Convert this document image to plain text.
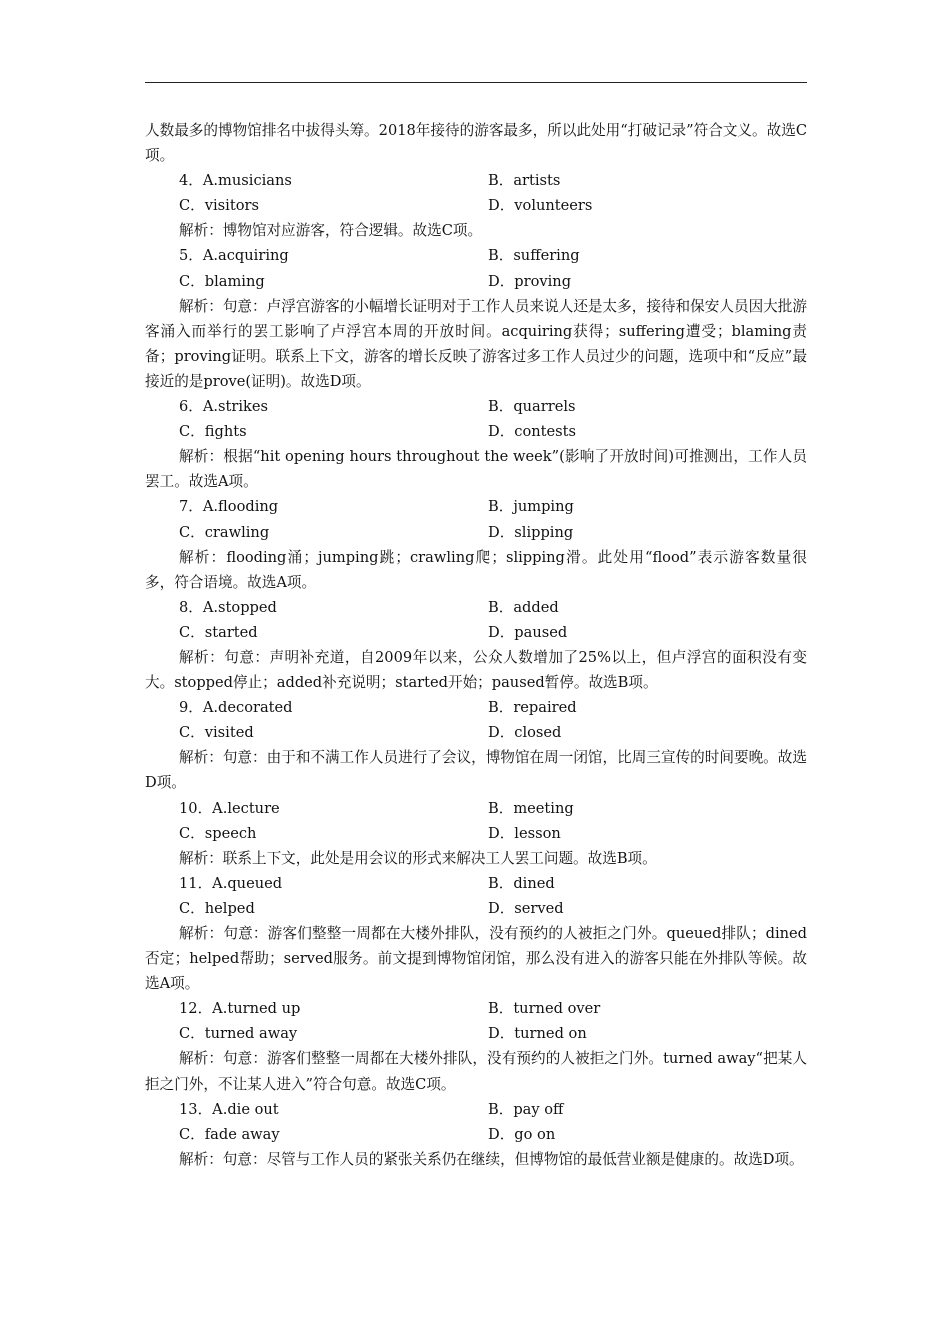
人数最多的博物馆排名中拔得头筹。2018年接待的游客最多，所以此处用“打破记录”符合文义。故选C项。

4．A.musicians	B．artists
C．visitors	D．volunteers

解析：博物馆对应游客，符合逻辑。故选C项。

5．A.acquiring	B．suffering
C．blaming	D．proving

解析：句意：卢浮宫游客的小幅增长证明对于工作人员来说人还是太多，接待和保安人员因大批游客涌入而举行的罢工影响了卢浮宫本周的开放时间。acquiring获得；suffering遭受；blaming责备；proving证明。联系上下文，游客的增长反映了游客过多工作人员过少的问题，选项中和“反应”最接近的是prove(证明)。故选D项。

6．A.strikes	B．quarrels
C．fights	D．contests

解析：根据“hit opening hours throughout the week”(影响了开放时间)可推测出，工作人员罢工。故选A项。

7．A.flooding	B．jumping
C．crawling	D．slipping

解析：flooding涌；jumping跳；crawling爬；slipping滑。此处用“flood”表示游客数量很多，符合语境。故选A项。

8．A.stopped	B．added
C．started	D．paused

解析：句意：声明补充道，自2009年以来，公众人数增加了25%以上，但卢浮宫的面积没有变大。stopped停止；added补充说明；started开始；paused暂停。故选B项。

9．A.decorated	B．repaired
C．visited	D．closed

解析：句意：由于和不满工作人员进行了会议，博物馆在周一闭馆，比周三宣传的时间要晚。故选D项。

10．A.lecture	B．meeting
C．speech	D．lesson

解析：联系上下文，此处是用会议的形式来解决工人罢工问题。故选B项。

11．A.queued	B．dined
C．helped	D．served

解析：句意：游客们整整一周都在大楼外排队，没有预约的人被拒之门外。queued排队；dined否定；helped帮助；served服务。前文提到博物馆闭馆，那么没有进入的游客只能在外排队等候。故选A项。

12．A.turned up	B．turned over
C．turned away	D．turned on

解析：句意：游客们整整一周都在大楼外排队，没有预约的人被拒之门外。turned away“把某人拒之门外，不让某人进入”符合句意。故选C项。

13．A.die out	B．pay off
C．fade away	D．go on

解析：句意：尽管与工作人员的紧张关系仍在继续，但博物馆的最低营业额是健康的。故选D项。
